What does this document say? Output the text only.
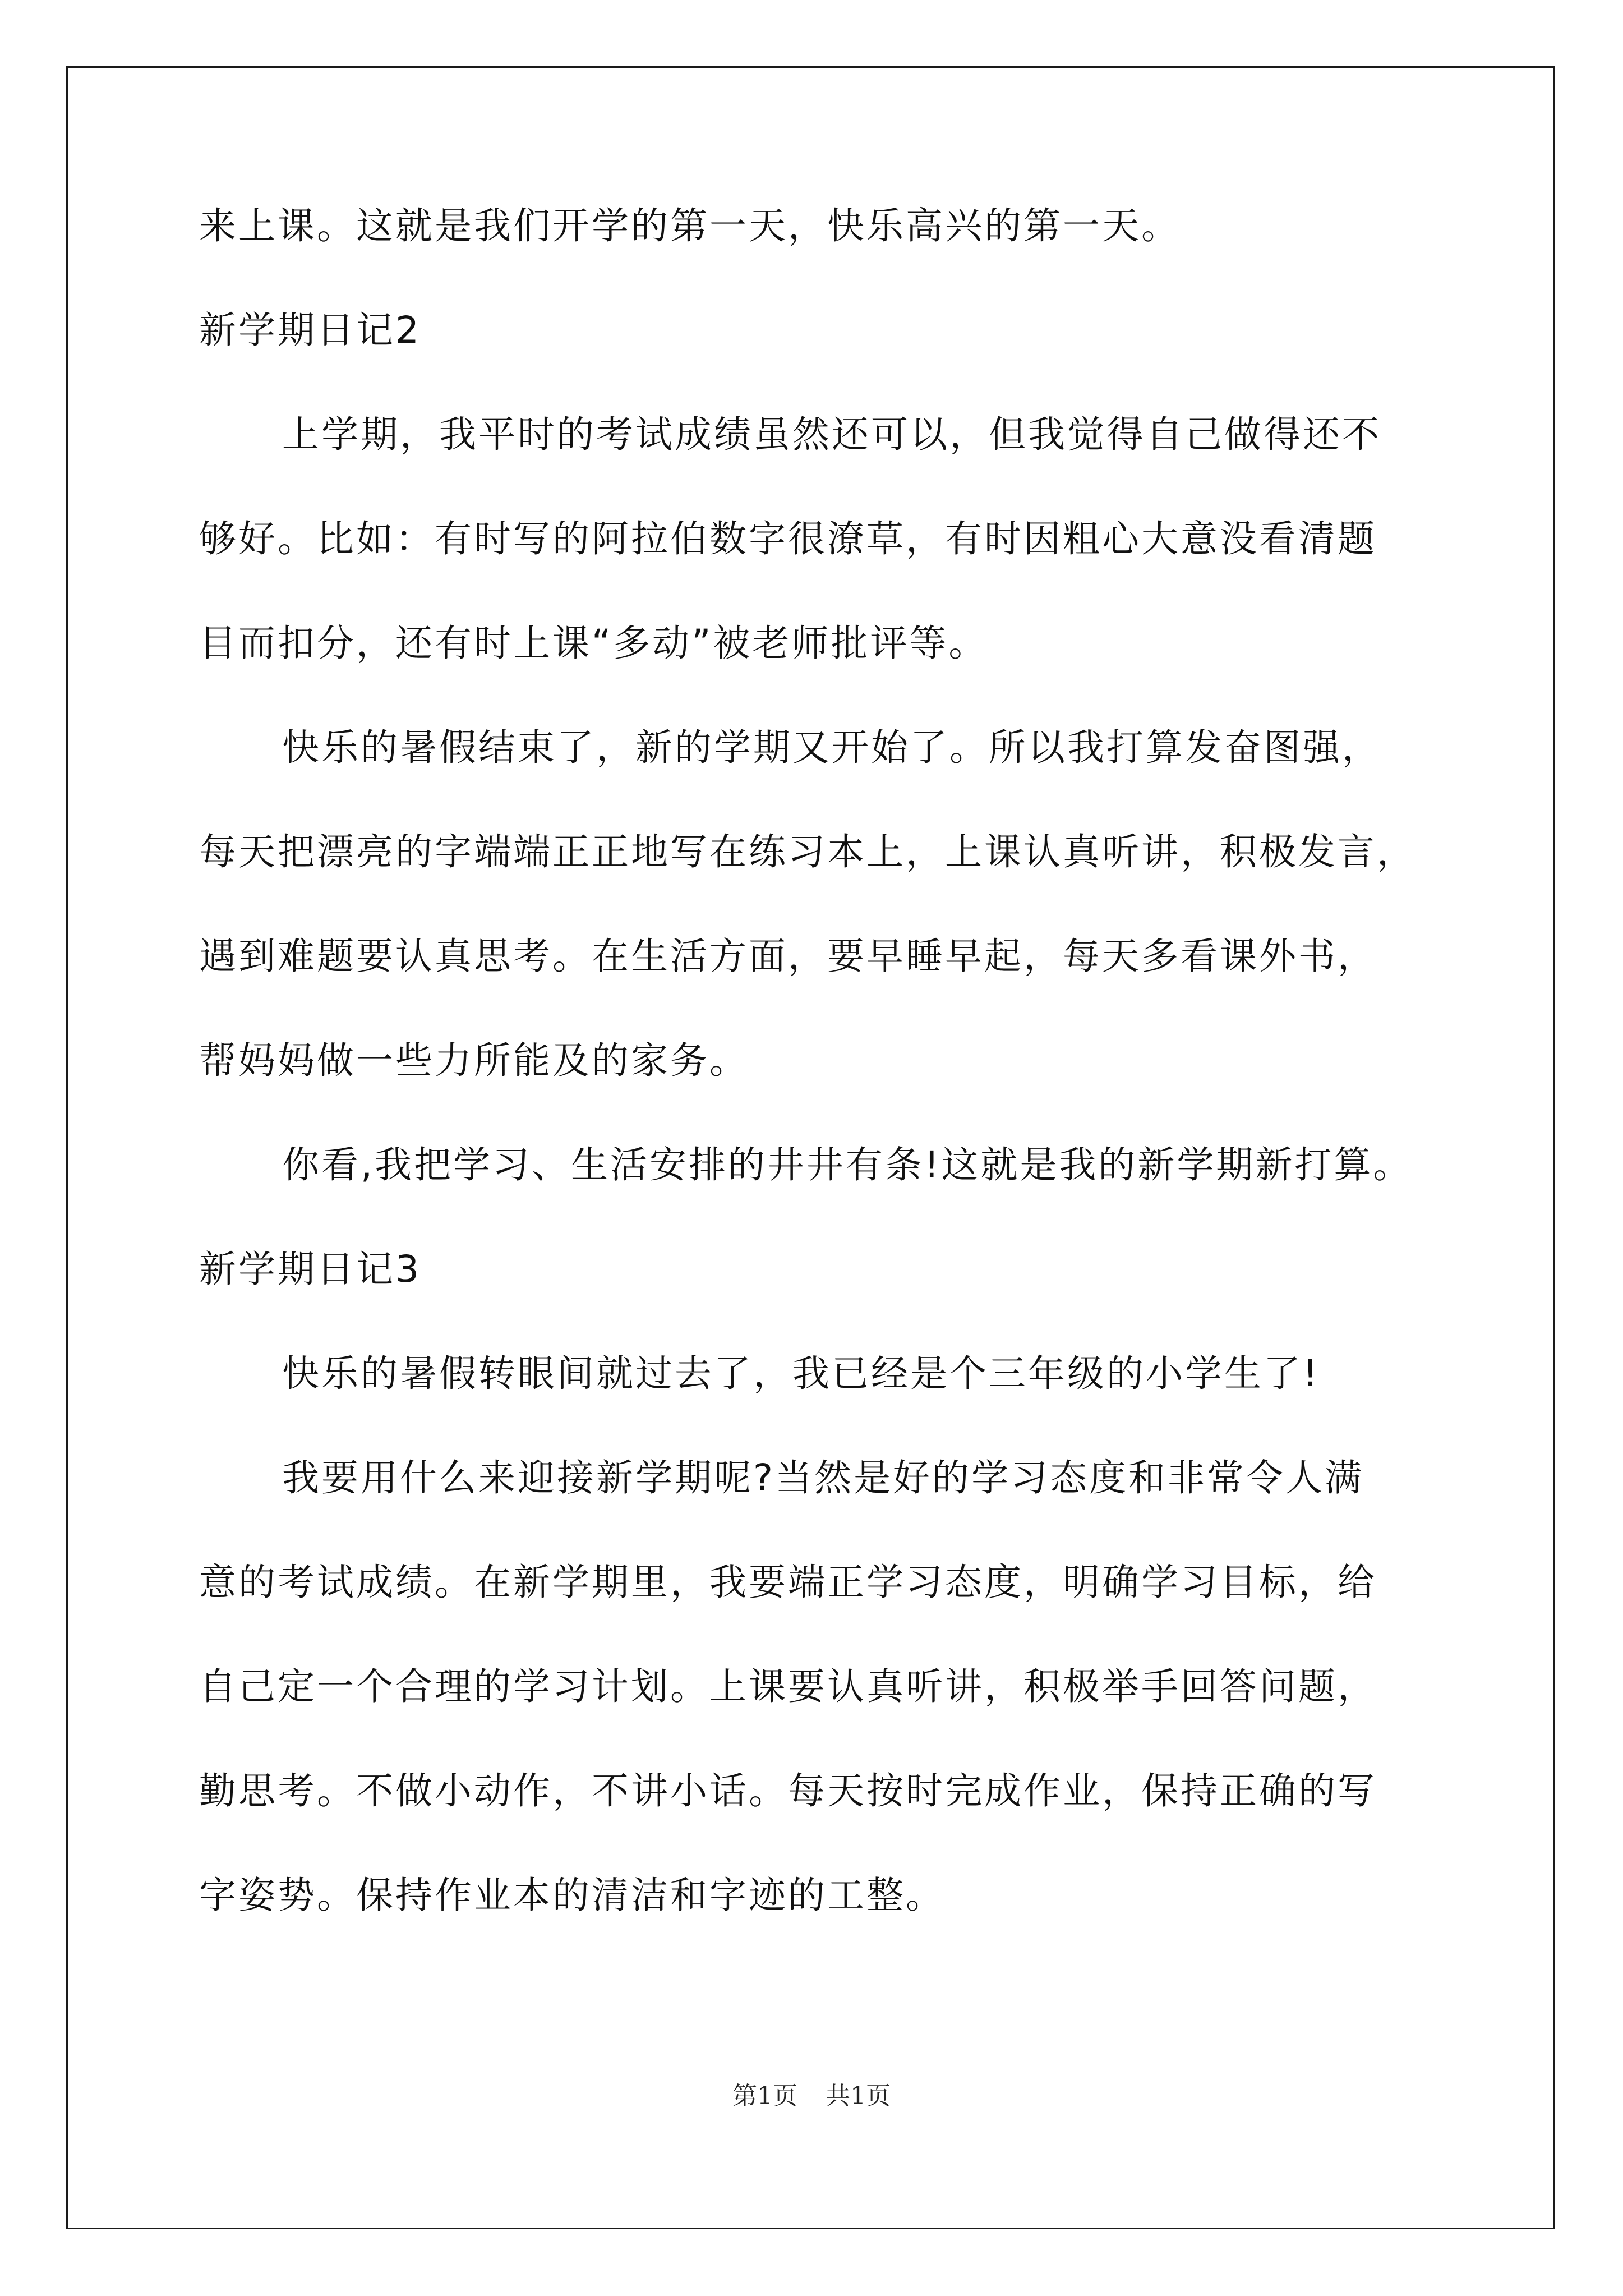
来上课。这就是我们开学的第一天，快乐高兴的第一天。
新学期日记2
上学期，我平时的考试成绩虽然还可以，但我觉得自己做得还不
够好。比如：有时写的阿拉伯数字很潦草，有时因粗心大意没看清题
目而扣分，还有时上课“多动”被老师批评等。
快乐的暑假结束了，新的学期又开始了。所以我打算发奋图强，
每天把漂亮的字端端正正地写在练习本上，上课认真听讲，积极发言，
遇到难题要认真思考。在生活方面，要早睡早起，每天多看课外书，
帮妈妈做一些力所能及的家务。
你看,我把学习、生活安排的井井有条!这就是我的新学期新打算。
新学期日记3
快乐的暑假转眼间就过去了，我已经是个三年级的小学生了!
我要用什么来迎接新学期呢?当然是好的学习态度和非常令人满
意的考试成绩。在新学期里，我要端正学习态度，明确学习目标，给
自己定一个合理的学习计划。上课要认真听讲，积极举手回答问题，
勤思考。不做小动作，不讲小话。每天按时完成作业，保持正确的写
字姿势。保持作业本的清洁和字迹的工整。
第1页 共1页
